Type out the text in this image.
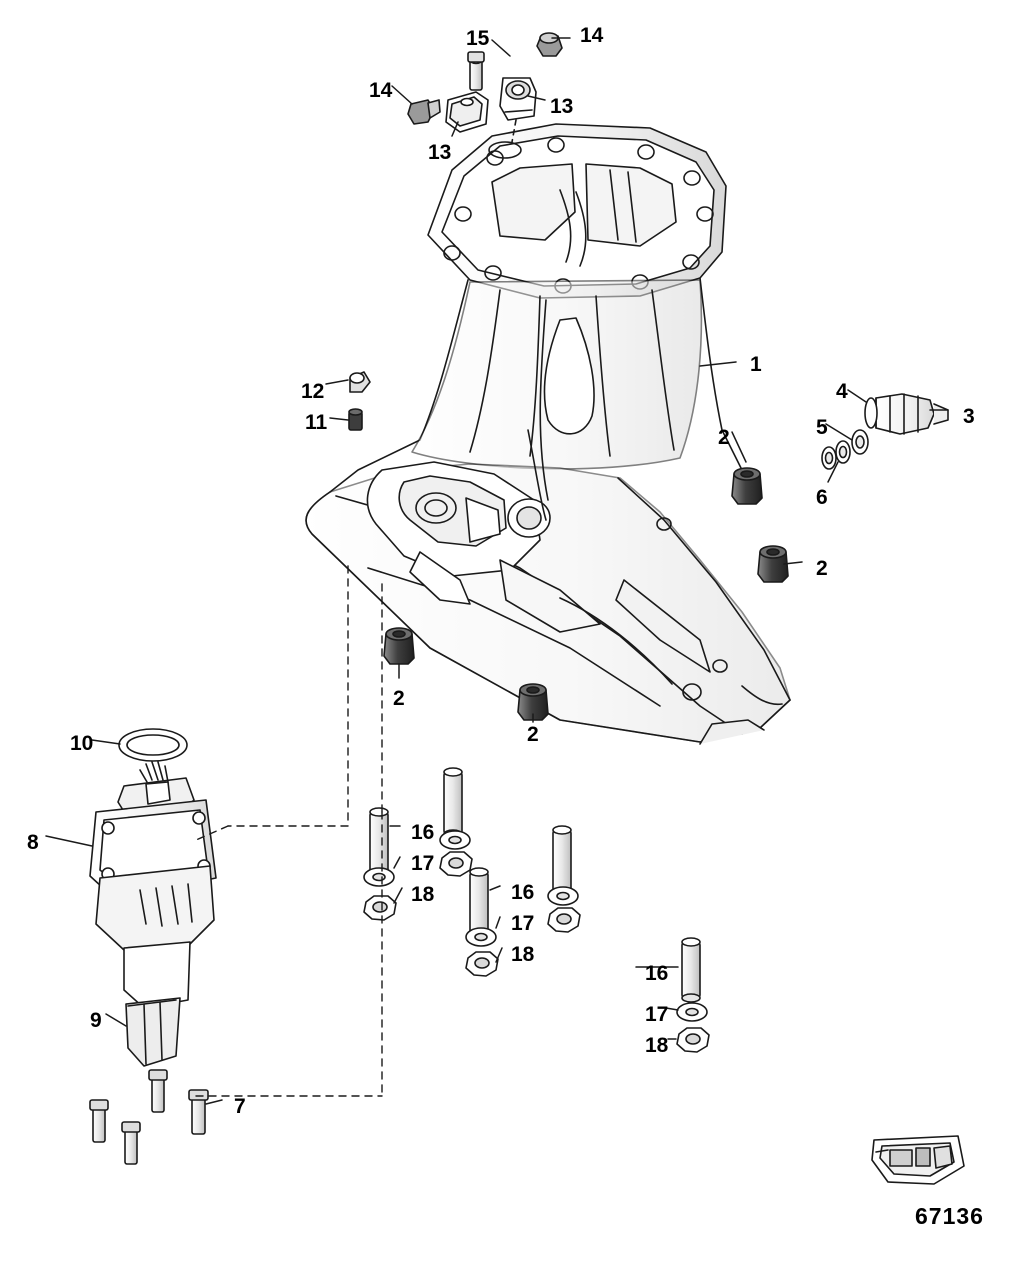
15	14
14
13
13
1
12
11
4
3
5
2
6
2
2
2
10
8	16
17
18	16
17
18
16
17
18
9
7
67136
